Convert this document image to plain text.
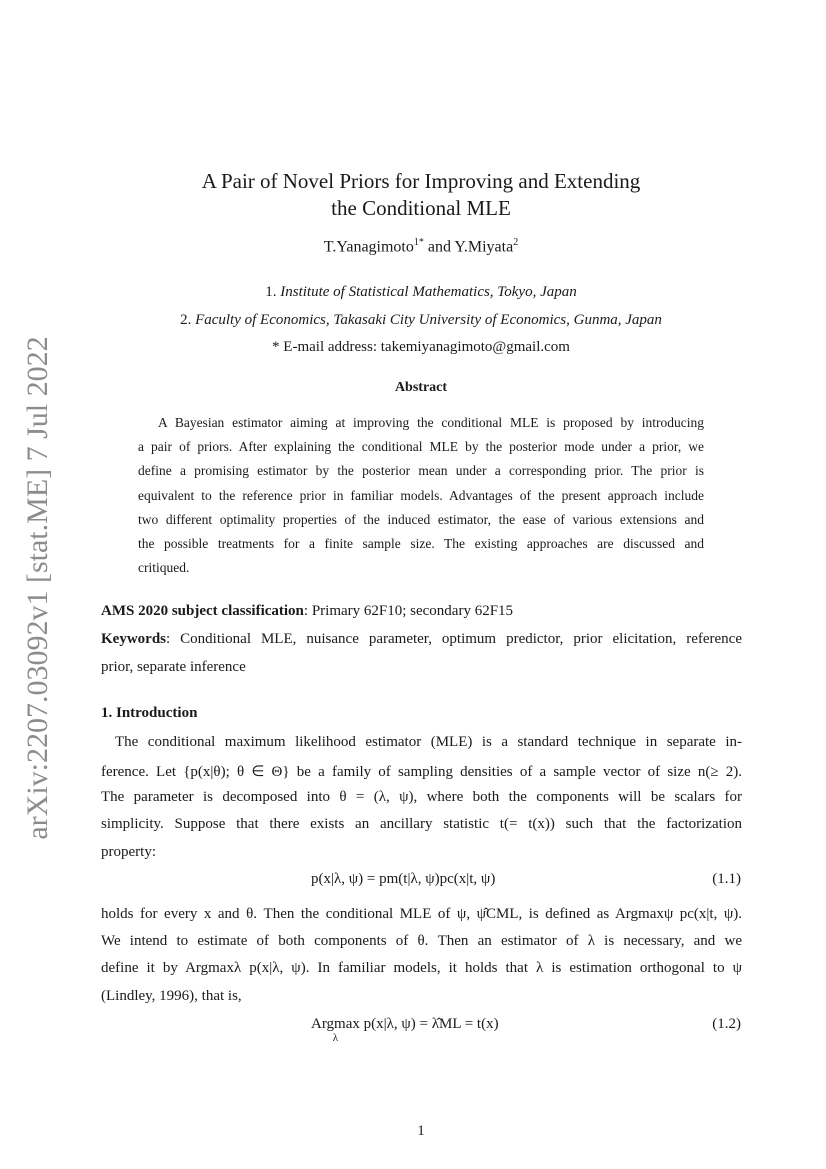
arXiv:2207.03092v1 [stat.ME] 7 Jul 2022
A Pair of Novel Priors for Improving and Extending
the Conditional MLE
T.Yanagimoto$^{1*}$ and Y.Miyata$^2$
1. Institute of Statistical Mathematics, Tokyo, Japan
2. Faculty of Economics, Takasaki City University of Economics, Gunma, Japan
* E-mail address: takemiyanagimoto@gmail.com
Abstract
A Bayesian estimator aiming at improving the conditional MLE is proposed by introducing
a pair of priors. After explaining the conditional MLE by the posterior mode under a prior, we
define a promising estimator by the posterior mean under a corresponding prior. The prior is
equivalent to the reference prior in familiar models. Advantages of the present approach include
two different optimality properties of the induced estimator, the ease of various extensions and
the possible treatments for a finite sample size. The existing approaches are discussed and
critiqued.
AMS 2020 subject classification: Primary 62F10; secondary 62F15
Keywords: Conditional MLE, nuisance parameter, optimum predictor, prior elicitation, reference
prior, separate inference
1. Introduction
The conditional maximum likelihood estimator (MLE) is a standard technique in separate in-
ference. Let {p(x|θ); θ ∈ Θ} be a family of sampling densities of a sample vector of size n(≥ 2).
The parameter is decomposed into θ = (λ, ψ), where both the components will be scalars for
simplicity. Suppose that there exists an ancillary statistic t(= t(x)) such that the factorization
property:
p(x|λ, ψ) = pm(t|λ, ψ)pc(x|t, ψ)	(1.1)
holds for every x and θ. Then the conditional MLE of ψ, ψ̂CML, is defined as Argmaxψ pc(x|t, ψ).
We intend to estimate of both components of θ. Then an estimator of λ is necessary, and we
define it by Argmaxλ p(x|λ, ψ). In familiar models, it holds that λ is estimation orthogonal to ψ
(Lindley, 1996), that is,
Argmax
λ
p(x|λ, ψ) = λ̂ML = t(x)	(1.2)
1
